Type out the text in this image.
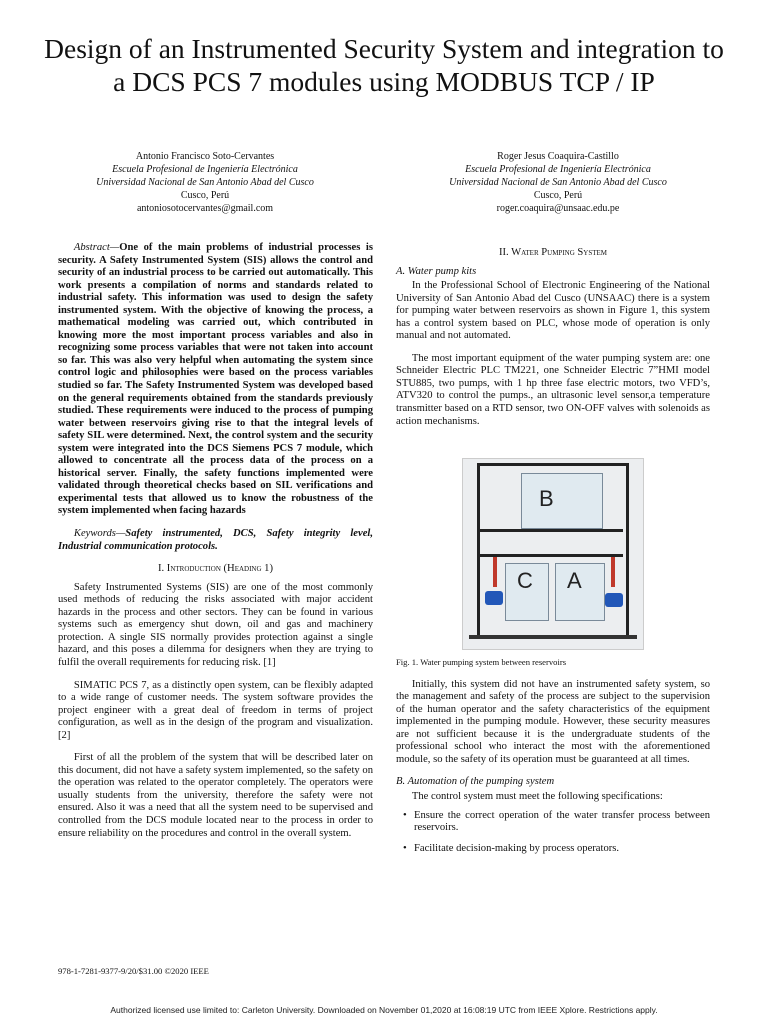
Design of an Instrumented Security System and integration to a DCS PCS 7 modules using MODBUS TCP / IP
Antonio Francisco Soto-Cervantes
Escuela Profesional de Ingeniería Electrónica
Universidad Nacional de San Antonio Abad del Cusco
Cusco, Perú
antoniosotocervantes@gmail.com
Roger Jesus Coaquira-Castillo
Escuela Profesional de Ingeniería Electrónica
Universidad Nacional de San Antonio Abad del Cusco
Cusco, Perú
roger.coaquira@unsaac.edu.pe

Abstract—One of the main problems of industrial processes is security. A Safety Instrumented System (SIS) allows the control and security of an industrial process to be carried out automatically. This work presents a compilation of norms and standards related to industrial safety. This information was used to design the safety instrumented system. With the objective of knowing the process, a mathematical modeling was carried out, which contributed in knowing more the most important process variables and also in recognizing some process variables that were not taken into account so far. This was also very helpful when automating the system since control logic and philosophies were based on the process variables studied so far. The Safety Instrumented System was developed based on the general requirements obtained from the standards previously studied. These requirements were induced to the process of pumping water between reservoirs giving rise to that the integral levels of safety SIL were determined. Next, the control system and the security system were integrated into the DCS Siemens PCS 7 module, which allowed to concentrate all the process data of the process on a historical server. Finally, the safety functions implemented were validated through theoretical checks based on SIL verifications and experimental tests that allowed us to know the robustness of the system implemented when facing hazards

Keywords—Safety instrumented, DCS, Safety integrity level, Industrial communication protocols.

I. Introduction (Heading 1)

Safety Instrumented Systems (SIS) are one of the most commonly used methods of reducing the risks associated with major accident hazards in the process and other sectors. They can be found in various systems such as emergency shut down, oil and gas and machinery protection. A single SIS normally provides protection against a single hazard, and this poses a dilemma for designers when they are trying to fulfil the overall requirements for reducing risk. [1]

SIMATIC PCS 7, as a distinctly open system, can be flexibly adapted to a wide range of customer needs. The system software provides the project engineer with a great deal of freedom in terms of project configuration, as well as in the design of the program and visualization. [2]

First of all the problem of the system that will be described later on this document, did not have a safety system implemented, so the safety on the operation was related to the operator completely. The operators were usually students from the university, therefore the safety were not ensured. Also it was a need that all the system need to be supervised and controlled from the DCS module located near to the process in order to ensure reliability on the procedures and control in the overall system.

II. Water Pumping System
A. Water pump kits

In the Professional School of Electronic Engineering of the National University of San Antonio Abad del Cusco (UNSAAC) there is a system for pumping water between reservoirs as shown in Figure 1, this system has a control system based on PLC, whose mode of operation is only manual and not automated.

The most important equipment of the water pumping system are: one Schneider Electric PLC TM221, one Schneider Electric 7”HMI model STU885, two pumps, with 1 hp three fase electric motors, two VFD’s, ATV320 to control the pumps., an ultrasonic level sensor,a temperature transmitter based on a RTD sensor, two ON-OFF valves with solenoids as action mechanisms.

B
C A

Fig. 1. Water pumping system between reservoirs

Initially, this system did not have an instrumented safety system, so the management and safety of the process are subject to the supervision of the human operator and the safety characteristics of the equipment implemented in the pumping module. However, these security measures are not sufficient because it is the undergraduate students of the professional school who interact the most with the aforementioned module, so the safety of its operation must be guaranteed at all times.

B. Automation of the pumping system

The control system must meet the following specifications:

• Ensure the correct operation of the water transfer process between reservoirs.
• Facilitate decision-making by process operators.
978-1-7281-9377-9/20/$31.00 ©2020 IEEE
Authorized licensed use limited to: Carleton University. Downloaded on November 01,2020 at 16:08:19 UTC from IEEE Xplore. Restrictions apply.
